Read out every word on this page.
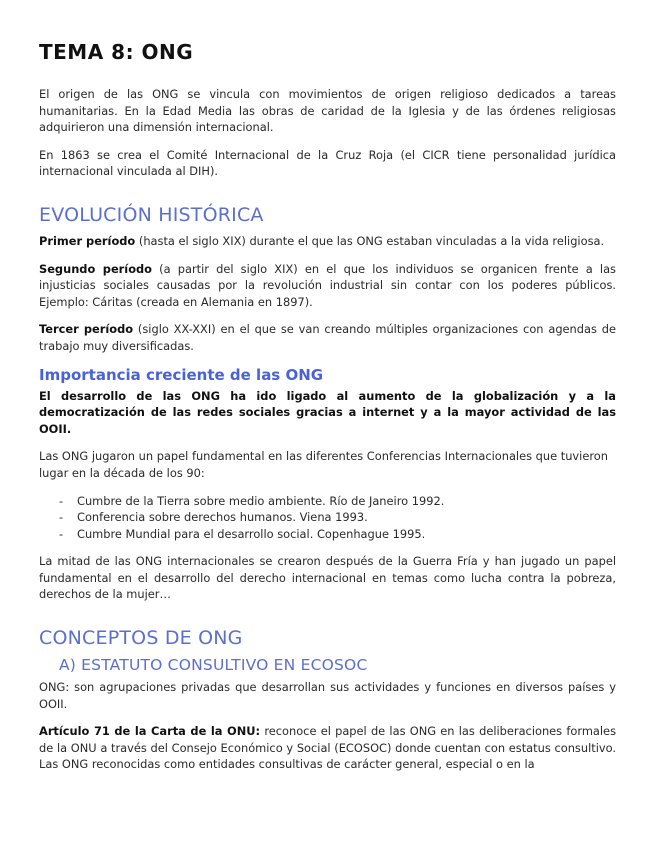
TEMA 8: ONG

El origen de las ONG se vincula con movimientos de origen religioso dedicados a tareas humanitarias. En la Edad Media las obras de caridad de la Iglesia y de las órdenes religiosas adquirieron una dimensión internacional.

En 1863 se crea el Comité Internacional de la Cruz Roja (el CICR tiene personalidad jurídica internacional vinculada al DIH).

EVOLUCIÓN HISTÓRICA

Primer período (hasta el siglo XIX) durante el que las ONG estaban vinculadas a la vida religiosa.

Segundo período (a partir del siglo XIX) en el que los individuos se organicen frente a las injusticias sociales causadas por la revolución industrial sin contar con los poderes públicos. Ejemplo: Cáritas (creada en Alemania en 1897).

Tercer período (siglo XX-XXI) en el que se van creando múltiples organizaciones con agendas de trabajo muy diversificadas.

Importancia creciente de las ONG

El desarrollo de las ONG ha ido ligado al aumento de la globalización y a la democratización de las redes sociales gracias a internet y a la mayor actividad de las OOII.

Las ONG jugaron un papel fundamental en las diferentes Conferencias Internacionales que tuvieron lugar en la década de los 90:

- Cumbre de la Tierra sobre medio ambiente. Río de Janeiro 1992.
- Conferencia sobre derechos humanos. Viena 1993.
- Cumbre Mundial para el desarrollo social. Copenhague 1995.

La mitad de las ONG internacionales se crearon después de la Guerra Fría y han jugado un papel fundamental en el desarrollo del derecho internacional en temas como lucha contra la pobreza, derechos de la mujer…

CONCEPTOS DE ONG
A) ESTATUTO CONSULTIVO EN ECOSOC

ONG: son agrupaciones privadas que desarrollan sus actividades y funciones en diversos países y OOII.

Artículo 71 de la Carta de la ONU: reconoce el papel de las ONG en las deliberaciones formales de la ONU a través del Consejo Económico y Social (ECOSOC) donde cuentan con estatus consultivo. Las ONG reconocidas como entidades consultivas de carácter general, especial o en la
